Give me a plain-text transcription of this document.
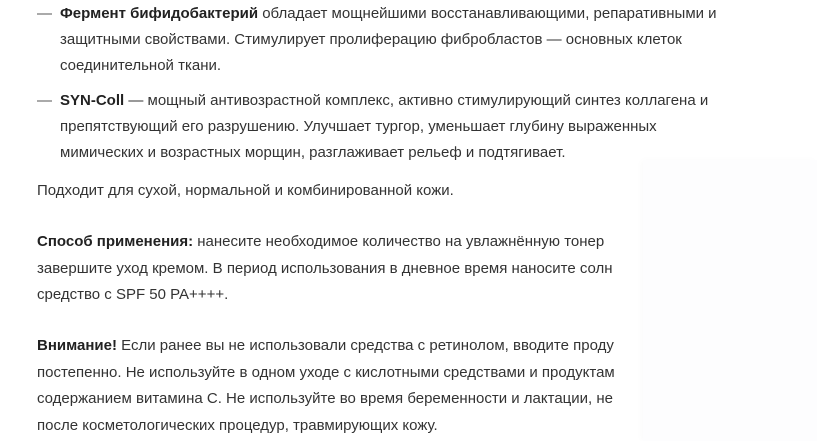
— Фермент бифидобактерий обладает мощнейшими восстанавливающими, репаративными и
защитными свойствами. Стимулирует пролиферацию фибробластов — основных клеток
соединительной ткани.
— SYN-Coll — мощный антивозрастной комплекс, активно стимулирующий синтез коллагена и
препятствующий его разрушению. Улучшает тургор, уменьшает глубину выраженных
мимических и возрастных морщин, разглаживает рельеф и подтягивает.
Подходит для сухой, нормальной и комбинированной кожи.
Способ применения: нанесите необходимое количество на увлажнённую тонер
завершите уход кремом. В период использования в дневное время наносите солн
средство с SPF 50 PA++++.
Внимание! Если ранее вы не использовали средства с ретинолом, вводите проду
постепенно. Не используйте в одном уходе с кислотными средствами и продуктам
содержанием витамина С. Не используйте во время беременности и лактации, не
после косметологических процедур, травмирующих кожу.
